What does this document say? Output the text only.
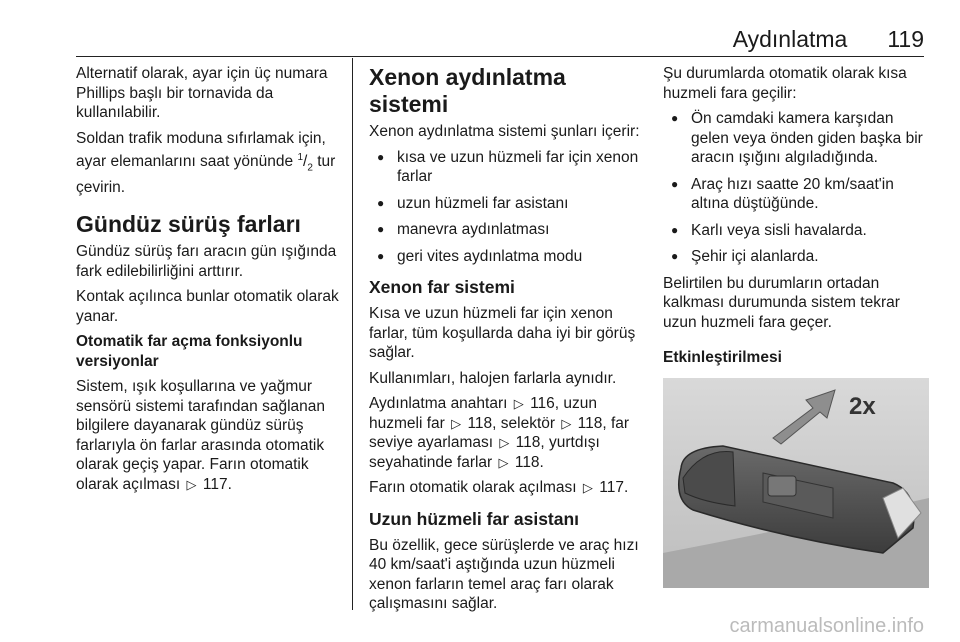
Aydınlatma 119

Alternatif olarak, ayar için üç numara Phillips başlı bir tornavida da kullanılabilir.

Soldan trafik moduna sıfırlamak için, ayar elemanlarını saat yönünde $^1/_2$ tur çevirin.

Gündüz sürüş farları

Gündüz sürüş farı aracın gün ışığında fark edilebilirliğini arttırır.

Kontak açılınca bunlar otomatik olarak yanar.

Otomatik far açma fonksiyonlu versiyonlar

Sistem, ışık koşullarına ve yağmur sensörü sistemi tarafından sağlanan bilgilere dayanarak gündüz sürüş farlarıyla ön farlar arasında otomatik olarak geçiş yapar. Farın otomatik olarak açılması ▷ 117.

Xenon aydınlatma sistemi

Xenon aydınlatma sistemi şunları içerir:

● kısa ve uzun hüzmeli far için xenon farlar
● uzun hüzmeli far asistanı
● manevra aydınlatması
● geri vites aydınlatma modu
Xenon far sistemi

Kısa ve uzun hüzmeli far için xenon farlar, tüm koşullarda daha iyi bir görüş sağlar.

Kullanımları, halojen farlarla aynıdır.

Aydınlatma anahtarı ▷ 116, uzun huzmeli far ▷ 118, selektör ▷ 118, far seviye ayarlaması ▷ 118, yurtdışı seyahatinde farlar ▷ 118.

Farın otomatik olarak açılması ▷ 117.

Uzun hüzmeli far asistanı

Bu özellik, gece sürüşlerde ve araç hızı 40 km/saat'i aştığında uzun hüzmeli xenon farların temel araç farı olarak çalışmasını sağlar.

Şu durumlarda otomatik olarak kısa huzmeli fara geçilir:

● Ön camdaki kamera karşıdan gelen veya önden giden başka bir aracın ışığını algıladığında.
● Araç hızı saatte 20 km/saat'in altına düştüğünde.
● Karlı veya sisli havalarda.
● Şehir içi alanlarda.

Belirtilen bu durumların ortadan kalkması durumunda sistem tekrar uzun huzmeli fara geçer.

Etkinleştirilmesi
2x
carmanualsonline.info
